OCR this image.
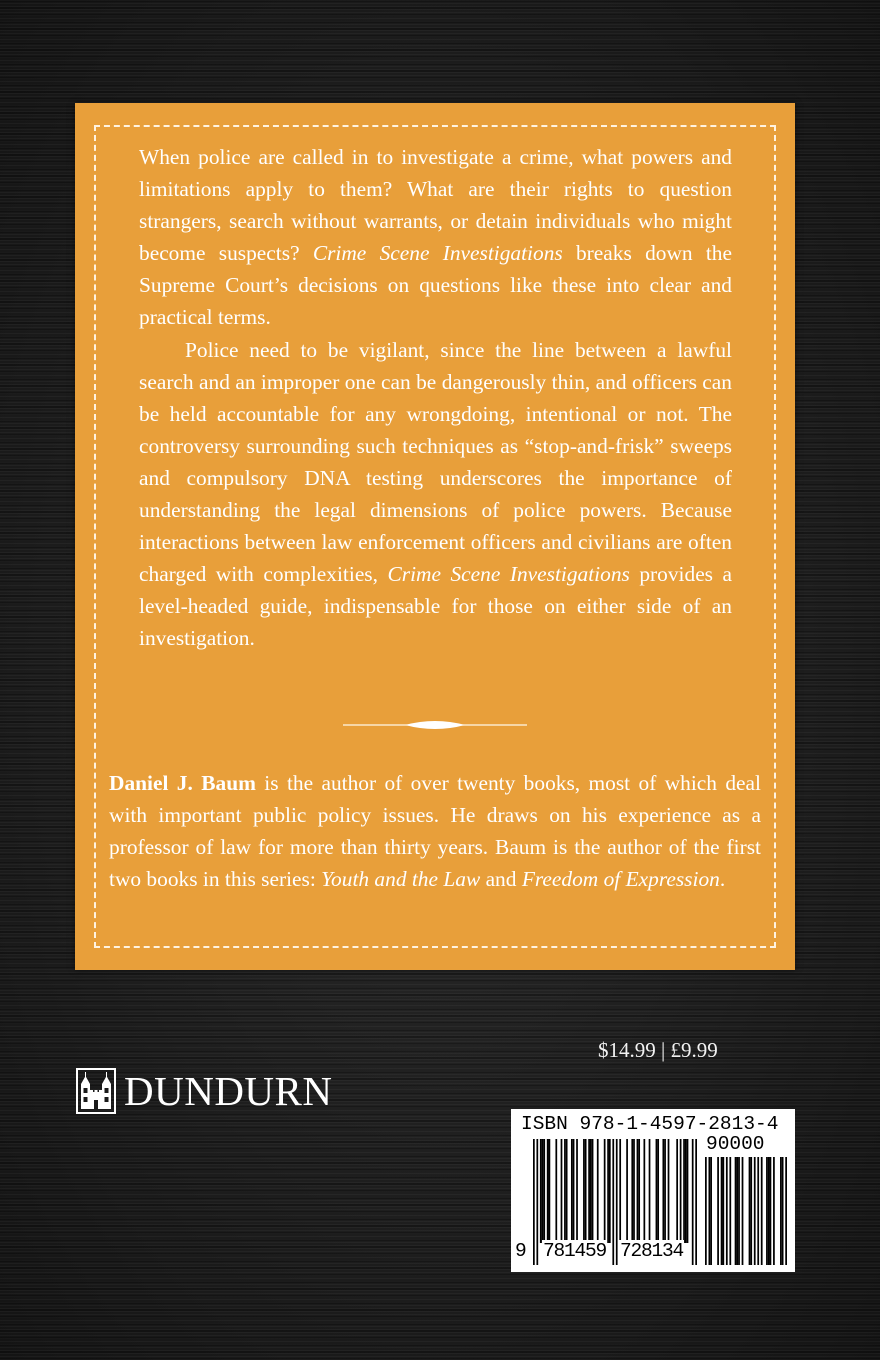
When police are called in to investigate a crime, what powers and limitations apply to them? What are their rights to question strangers, search without warrants, or detain individuals who might become suspects? Crime Scene Investigations breaks down the Supreme Court’s decisions on questions like these into clear and practical terms.

Police need to be vigilant, since the line between a lawful search and an improper one can be dangerously thin, and officers can be held accountable for any wrongdoing, intentional or not. The controversy surrounding such techniques as “stop-and-frisk” sweeps and compulsory DNA testing underscores the importance of understanding the legal dimensions of police powers. Because interactions between law enforcement officers and civilians are often charged with complexities, Crime Scene Investigations provides a level-headed guide, indispensable for those on either side of an investigation.

Daniel J. Baum is the author of over twenty books, most of which deal with important public policy issues. He draws on his experience as a professor of law for more than thirty years. Baum is the author of the first two books in this series: Youth and the Law and Freedom of Expression.

$14.99 | £9.99
DUNDURN
ISBN 978-1-4597-2813-4
90000
9 781459 728134
